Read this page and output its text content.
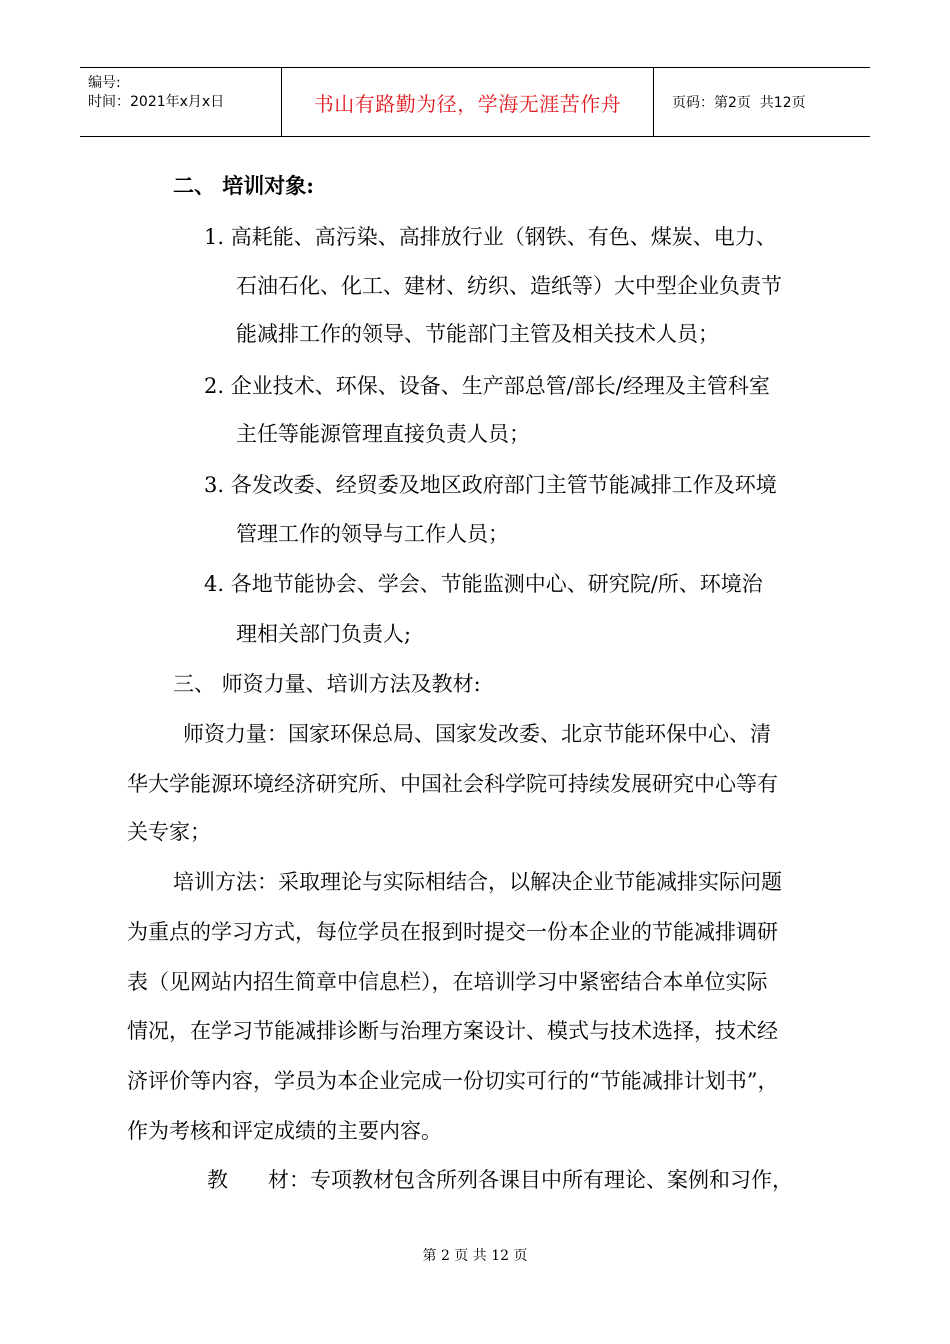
编号:
时间：2021年x月x日	书山有路勤为径，学海无涯苦作舟	页码：第2页  共12页
二、 培训对象:
1. 高耗能、高污染、高排放行业（钢铁、有色、煤炭、电力、
石油石化、化工、建材、纺织、造纸等）大中型企业负责节
能减排工作的领导、节能部门主管及相关技术人员；
2. 企业技术、环保、设备、生产部总管/部长/经理及主管科室
主任等能源管理直接负责人员；
3. 各发改委、经贸委及地区政府部门主管节能减排工作及环境
管理工作的领导与工作人员；
4. 各地节能协会、学会、节能监测中心、研究院/所、环境治
理相关部门负责人;
三、 师资力量、培训方法及教材:
师资力量：国家环保总局、国家发改委、北京节能环保中心、清
华大学能源环境经济研究所、中国社会科学院可持续发展研究中心等有
关专家；
培训方法：采取理论与实际相结合，以解决企业节能减排实际问题
为重点的学习方式，每位学员在报到时提交一份本企业的节能减排调研
表（见网站内招生简章中信息栏），在培训学习中紧密结合本单位实际
情况，在学习节能减排诊断与治理方案设计、模式与技术选择，技术经
济评价等内容，学员为本企业完成一份切实可行的“节能减排计划书”，
作为考核和评定成绩的主要内容。
教      材：专项教材包含所列各课目中所有理论、案例和习作，
第 2 页 共 12 页
